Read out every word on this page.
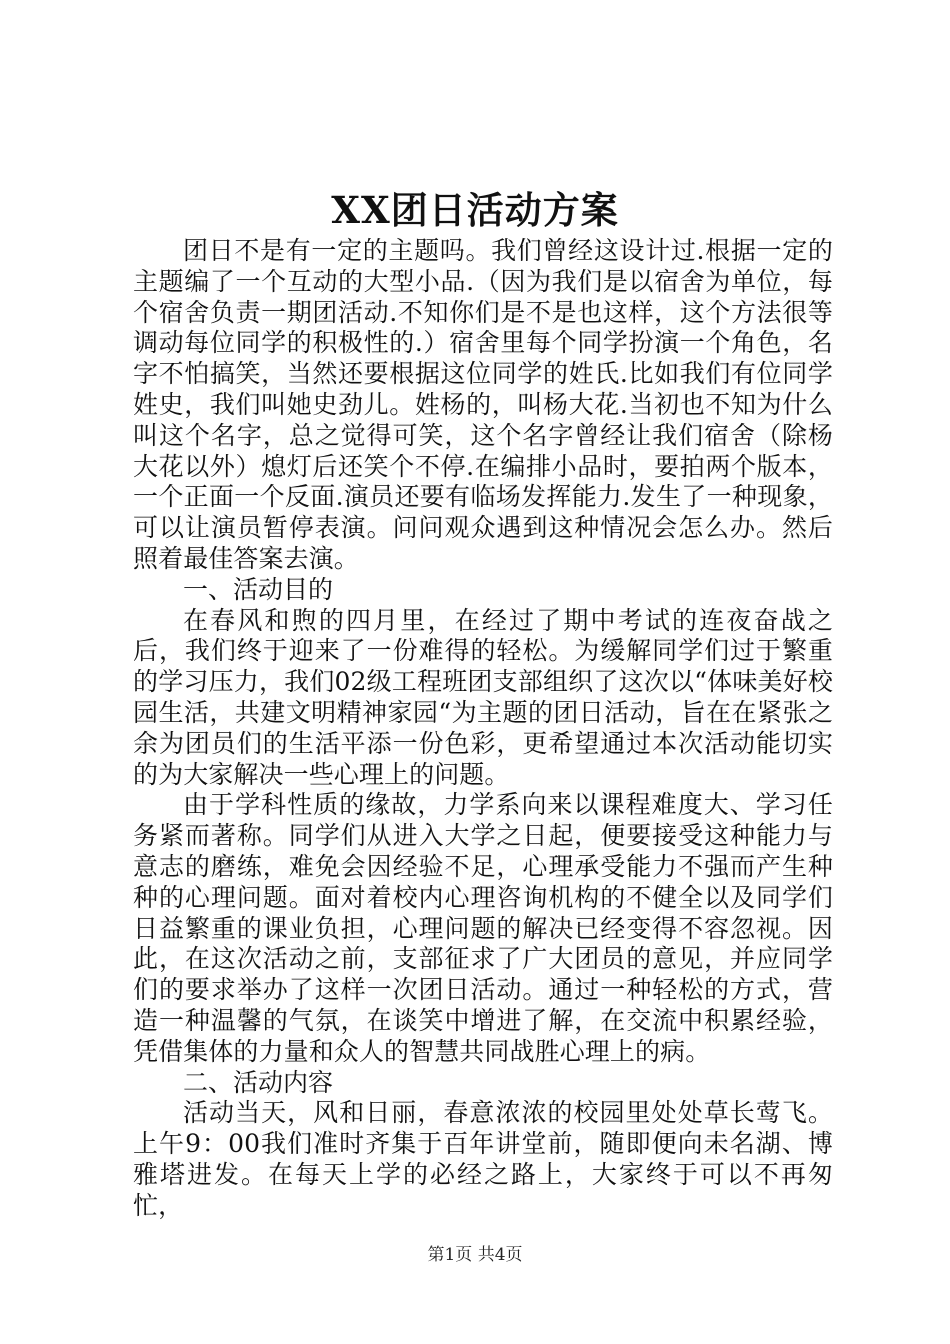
XX团日活动方案

团日不是有一定的主题吗。我们曾经这设计过.根据一定的主题编了一个互动的大型小品.（因为我们是以宿舍为单位，每个宿舍负责一期团活动.不知你们是不是也这样，这个方法很等调动每位同学的积极性的.）宿舍里每个同学扮演一个角色，名字不怕搞笑，当然还要根据这位同学的姓氏.比如我们有位同学姓史，我们叫她史劲儿。姓杨的，叫杨大花.当初也不知为什么叫这个名字，总之觉得可笑，这个名字曾经让我们宿舍（除杨大花以外）熄灯后还笑个不停.在编排小品时，要拍两个版本，一个正面一个反面.演员还要有临场发挥能力.发生了一种现象，可以让演员暂停表演。问问观众遇到这种情况会怎么办。然后照着最佳答案去演。

一、活动目的

在春风和煦的四月里，在经过了期中考试的连夜奋战之后，我们终于迎来了一份难得的轻松。为缓解同学们过于繁重的学习压力，我们02级工程班团支部组织了这次以“体味美好校园生活，共建文明精神家园“为主题的团日活动，旨在在紧张之余为团员们的生活平添一份色彩，更希望通过本次活动能切实的为大家解决一些心理上的问题。

由于学科性质的缘故，力学系向来以课程难度大、学习任务紧而著称。同学们从进入大学之日起，便要接受这种能力与意志的磨练，难免会因经验不足，心理承受能力不强而产生种种的心理问题。面对着校内心理咨询机构的不健全以及同学们日益繁重的课业负担，心理问题的解决已经变得不容忽视。因此，在这次活动之前，支部征求了广大团员的意见，并应同学们的要求举办了这样一次团日活动。通过一种轻松的方式，营造一种温馨的气氛，在谈笑中增进了解，在交流中积累经验，凭借集体的力量和众人的智慧共同战胜心理上的病。

二、活动内容

活动当天，风和日丽，春意浓浓的校园里处处草长莺飞。上午9：00我们准时齐集于百年讲堂前，随即便向未名湖、博雅塔进发。在每天上学的必经之路上，大家终于可以不再匆忙，

第1页 共4页
